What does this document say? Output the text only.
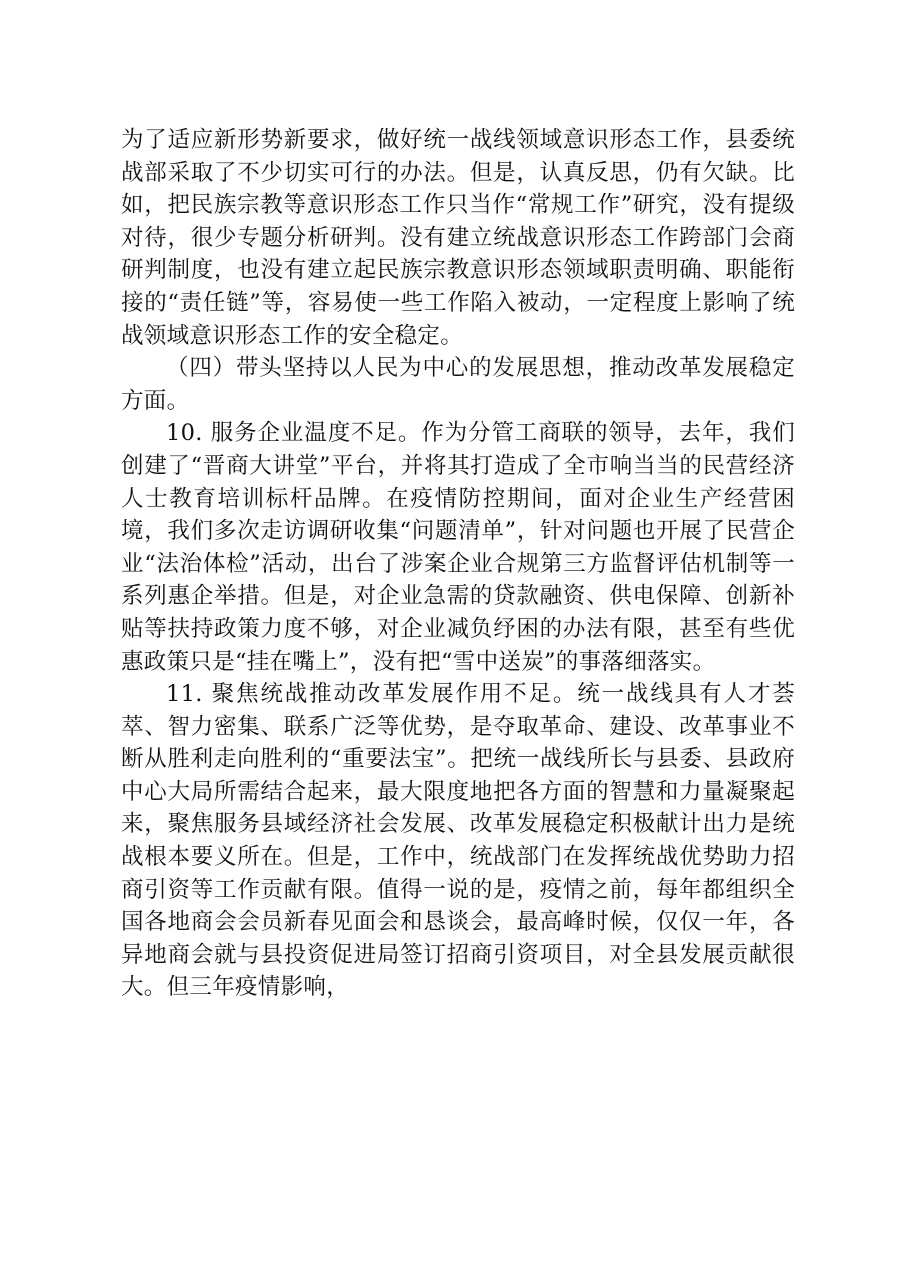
为了适应新形势新要求，做好统一战线领域意识形态工作，县委统战部采取了不少切实可行的办法。但是，认真反思，仍有欠缺。比如，把民族宗教等意识形态工作只当作“常规工作”研究，没有提级对待，很少专题分析研判。没有建立统战意识形态工作跨部门会商研判制度，也没有建立起民族宗教意识形态领域职责明确、职能衔接的“责任链”等，容易使一些工作陷入被动，一定程度上影响了统战领域意识形态工作的安全稳定。

（四）带头坚持以人民为中心的发展思想，推动改革发展稳定方面。

10. 服务企业温度不足。作为分管工商联的领导，去年，我们创建了“晋商大讲堂”平台，并将其打造成了全市响当当的民营经济人士教育培训标杆品牌。在疫情防控期间，面对企业生产经营困境，我们多次走访调研收集“问题清单”，针对问题也开展了民营企业“法治体检”活动，出台了涉案企业合规第三方监督评估机制等一系列惠企举措。但是，对企业急需的贷款融资、供电保障、创新补贴等扶持政策力度不够，对企业减负纾困的办法有限，甚至有些优惠政策只是“挂在嘴上”，没有把“雪中送炭”的事落细落实。

11. 聚焦统战推动改革发展作用不足。统一战线具有人才荟萃、智力密集、联系广泛等优势，是夺取革命、建设、改革事业不断从胜利走向胜利的“重要法宝”。把统一战线所长与县委、县政府中心大局所需结合起来，最大限度地把各方面的智慧和力量凝聚起来，聚焦服务县域经济社会发展、改革发展稳定积极献计出力是统战根本要义所在。但是，工作中，统战部门在发挥统战优势助力招商引资等工作贡献有限。值得一说的是，疫情之前，每年都组织全国各地商会会员新春见面会和恳谈会，最高峰时候，仅仅一年，各异地商会就与县投资促进局签订招商引资项目，对全县发展贡献很大。但三年疫情影响，
